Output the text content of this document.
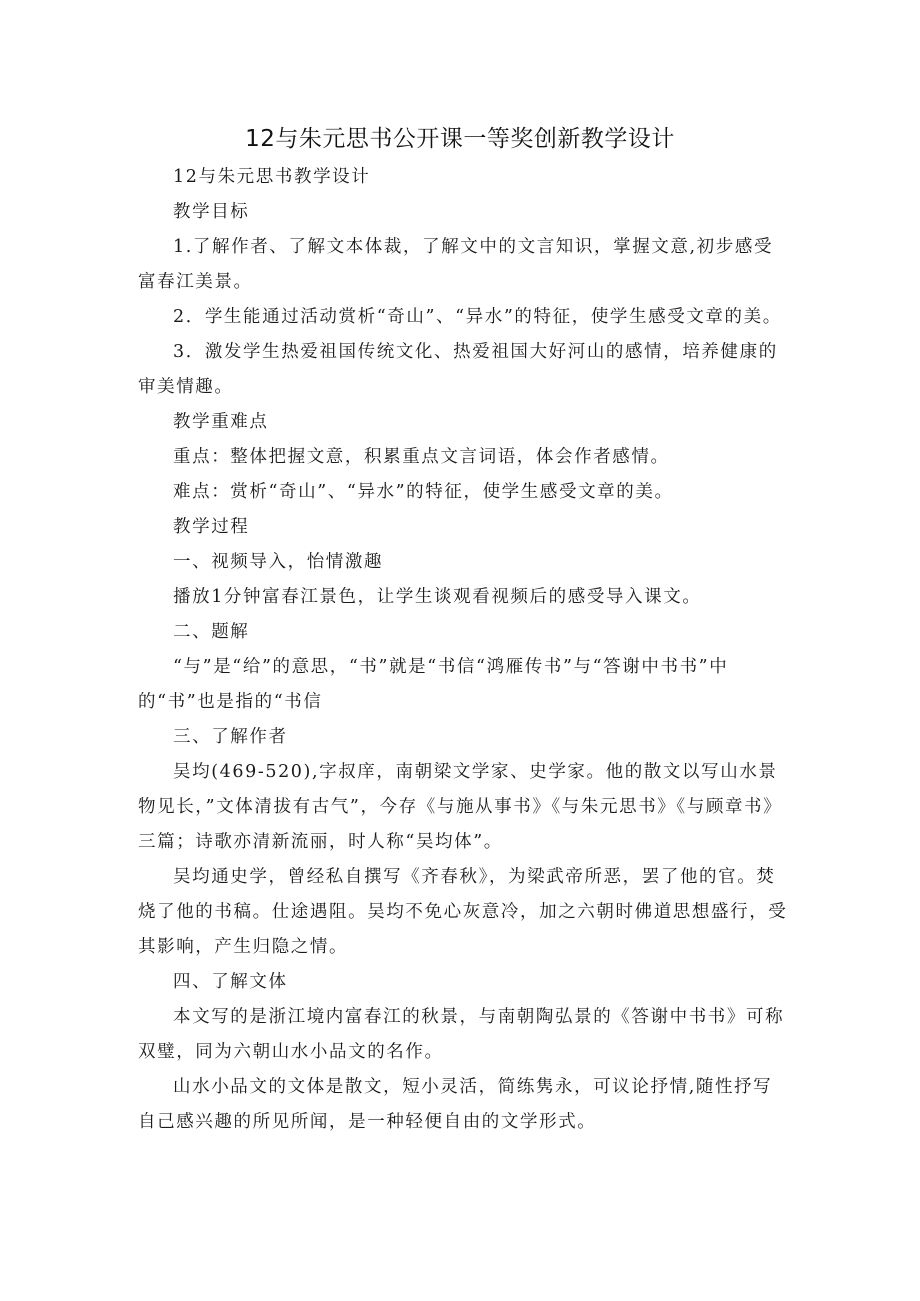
12与朱元思书公开课一等奖创新教学设计

12与朱元思书教学设计

教学目标

1.了解作者、了解文本体裁，了解文中的文言知识，掌握文意,初步感受富春江美景。

2．学生能通过活动赏析“奇山”、“异水”的特征，使学生感受文章的美。

3．激发学生热爱祖国传统文化、热爱祖国大好河山的感情，培养健康的审美情趣。

教学重难点

重点：整体把握文意，积累重点文言词语，体会作者感情。

难点：赏析“奇山”、“异水”的特征，使学生感受文章的美。

教学过程

一、视频导入，怡情激趣

播放1分钟富春江景色，让学生谈观看视频后的感受导入课文。

二、题解

“与”是“给”的意思，“书”就是“书信“鸿雁传书”与“答谢中书书”中的“书”也是指的“书信

三、了解作者

吴均(469-520),字叔庠，南朝梁文学家、史学家。他的散文以写山水景物见长，”文体清拔有古气”，今存《与施从事书》《与朱元思书》《与顾章书》三篇；诗歌亦清新流丽，时人称“吴均体”。

吴均通史学，曾经私自撰写《齐春秋》，为梁武帝所恶，罢了他的官。焚烧了他的书稿。仕途遇阻。吴均不免心灰意冷，加之六朝时佛道思想盛行，受其影响，产生归隐之情。

四、了解文体

本文写的是浙江境内富春江的秋景，与南朝陶弘景的《答谢中书书》可称双璧，同为六朝山水小品文的名作。

山水小品文的文体是散文，短小灵活，简练隽永，可议论抒情,随性抒写自己感兴趣的所见所闻，是一种轻便自由的文学形式。
